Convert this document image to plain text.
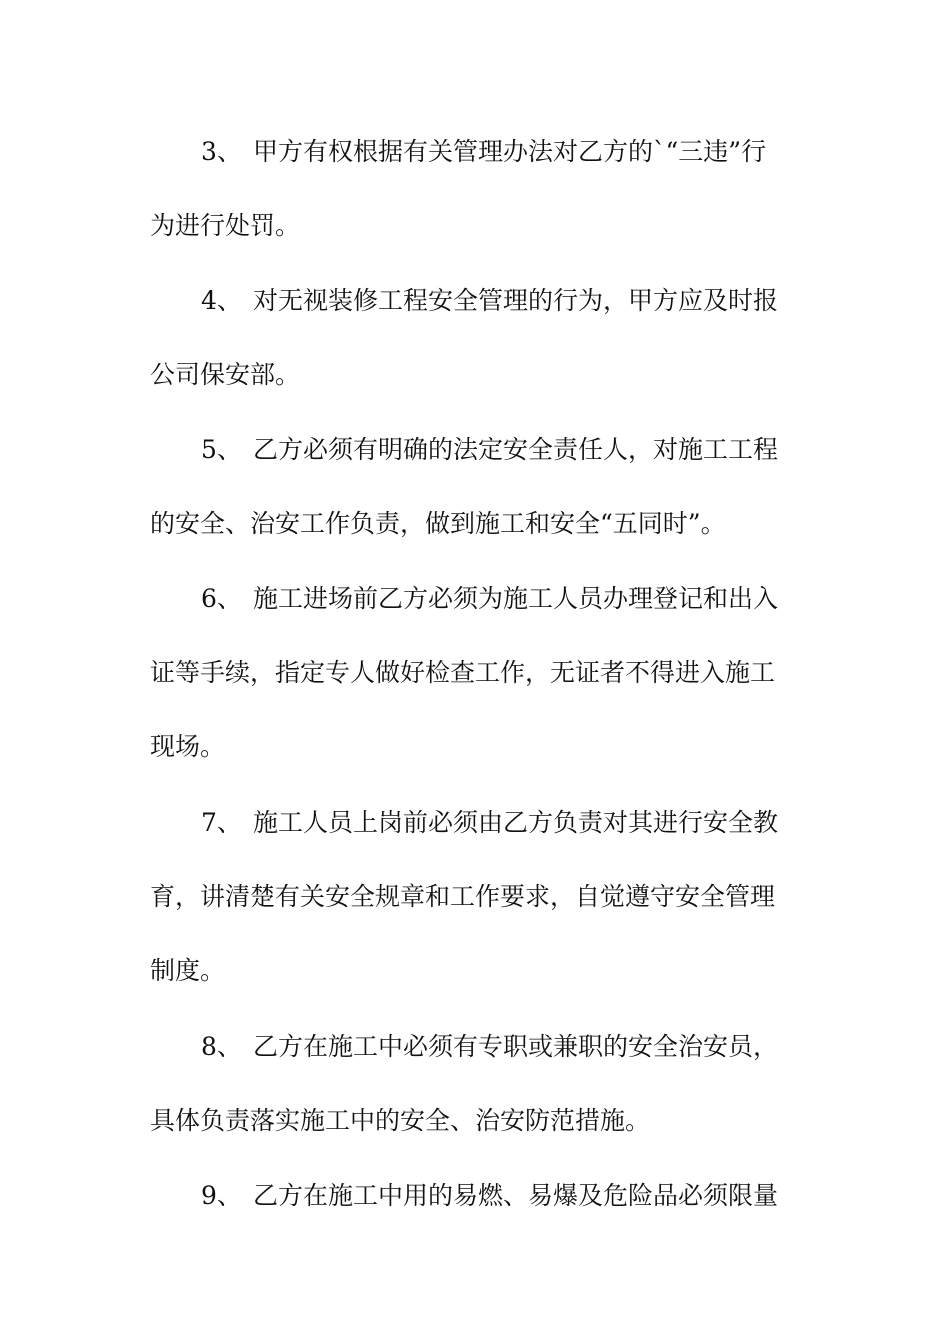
3、 甲方有权根据有关管理办法对乙方的`“三违”行
为进行处罚。
4、 对无视装修工程安全管理的行为，甲方应及时报
公司保安部。
5、 乙方必须有明确的法定安全责任人，对施工工程
的安全、治安工作负责，做到施工和安全“五同时”。
6、 施工进场前乙方必须为施工人员办理登记和出入
证等手续，指定专人做好检查工作，无证者不得进入施工
现场。
7、 施工人员上岗前必须由乙方负责对其进行安全教
育，讲清楚有关安全规章和工作要求，自觉遵守安全管理
制度。
8、 乙方在施工中必须有专职或兼职的安全治安员，
具体负责落实施工中的安全、治安防范措施。
9、 乙方在施工中用的易燃、易爆及危险品必须限量
